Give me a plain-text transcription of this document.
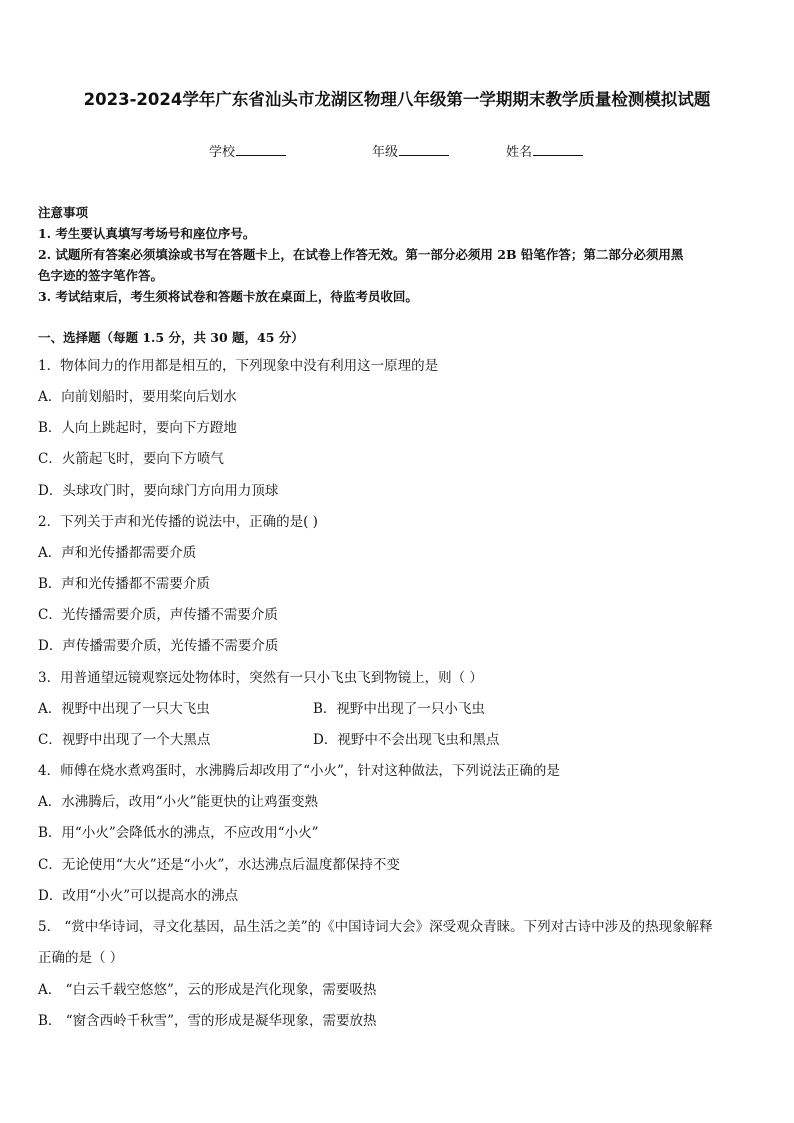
2023-2024学年广东省汕头市龙湖区物理八年级第一学期期末教学质量检测模拟试题
学校	年级	姓名
注意事项
1. 考生要认真填写考场号和座位序号。
2. 试题所有答案必须填涂或书写在答题卡上，在试卷上作答无效。第一部分必须用 2B 铅笔作答；第二部分必须用黑
色字迹的签字笔作答。
3. 考试结束后，考生须将试卷和答题卡放在桌面上，待监考员收回。
一、选择题（每题 1.5 分，共 30 题，45 分）
1．物体间力的作用都是相互的，下列现象中没有利用这一原理的是
A．向前划船时，要用桨向后划水
B．人向上跳起时，要向下方蹬地
C．火箭起飞时，要向下方喷气
D．头球攻门时，要向球门方向用力顶球
2．下列关于声和光传播的说法中，正确的是( )
A．声和光传播都需要介质
B．声和光传播都不需要介质
C．光传播需要介质，声传播不需要介质
D．声传播需要介质，光传播不需要介质
3．用普通望远镜观察远处物体时，突然有一只小飞虫飞到物镜上，则（ ）
A．视野中出现了一只大飞虫	B．视野中出现了一只小飞虫
C．视野中出现了一个大黑点	D．视野中不会出现飞虫和黑点
4．师傅在烧水煮鸡蛋时，水沸腾后却改用了“小火”，针对这种做法，下列说法正确的是
A．水沸腾后，改用“小火”能更快的让鸡蛋变熟
B．用“小火”会降低水的沸点，不应改用“小火”
C．无论使用“大火”还是“小火”，水达沸点后温度都保持不变
D．改用“小火”可以提高水的沸点
5． “赏中华诗词，寻文化基因，品生活之美”的《中国诗词大会》深受观众青睐。下列对古诗中涉及的热现象解释
正确的是（ ）
A． “白云千载空悠悠”，云的形成是汽化现象，需要吸热
B． “窗含西岭千秋雪”，雪的形成是凝华现象，需要放热
